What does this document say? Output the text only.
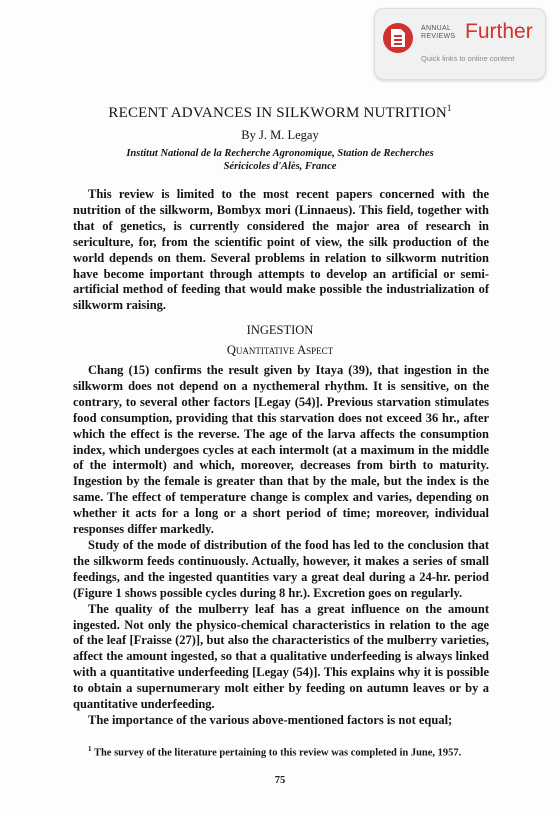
ANNUAL
REVIEWS Further
Quick links to online content
RECENT ADVANCES IN SILKWORM NUTRITION$^1$
By J. M. Legay
Institut National de la Recherche Agronomique, Station de Recherches
Séricicoles d'Alès, France

This review is limited to the most recent papers concerned with the nutrition of the silkworm, Bombyx mori (Linnaeus). This field, together with that of genetics, is currently considered the major area of research in sericulture, for, from the scientific point of view, the silk production of the world depends on them. Several problems in relation to silkworm nutrition have become important through attempts to develop an artificial or semi-artificial method of feeding that would make possible the industrialization of silkworm raising.

INGESTION
Quantitative Aspect

Chang (15) confirms the result given by Itaya (39), that ingestion in the silkworm does not depend on a nycthemeral rhythm. It is sensitive, on the contrary, to several other factors [Legay (54)]. Previous starvation stimulates food consumption, providing that this starvation does not exceed 36 hr., after which the effect is the reverse. The age of the larva affects the consumption index, which undergoes cycles at each intermolt (at a maximum in the middle of the intermolt) and which, moreover, decreases from birth to maturity. Ingestion by the female is greater than that by the male, but the index is the same. The effect of temperature change is complex and varies, depending on whether it acts for a long or a short period of time; moreover, individual responses differ markedly.

Study of the mode of distribution of the food has led to the conclusion that the silkworm feeds continuously. Actually, however, it makes a series of small feedings, and the ingested quantities vary a great deal during a 24-hr. period (Figure 1 shows possible cycles during 8 hr.). Excretion goes on regularly.

The quality of the mulberry leaf has a great influence on the amount ingested. Not only the physico-chemical characteristics in relation to the age of the leaf [Fraisse (27)], but also the characteristics of the mulberry varieties, affect the amount ingested, so that a qualitative underfeeding is always linked with a quantitative underfeeding [Legay (54)]. This explains why it is possible to obtain a supernumerary molt either by feeding on autumn leaves or by a quantitative underfeeding.

The importance of the various above-mentioned factors is not equal;

$^1$ The survey of the literature pertaining to this review was completed in June, 1957.
75
